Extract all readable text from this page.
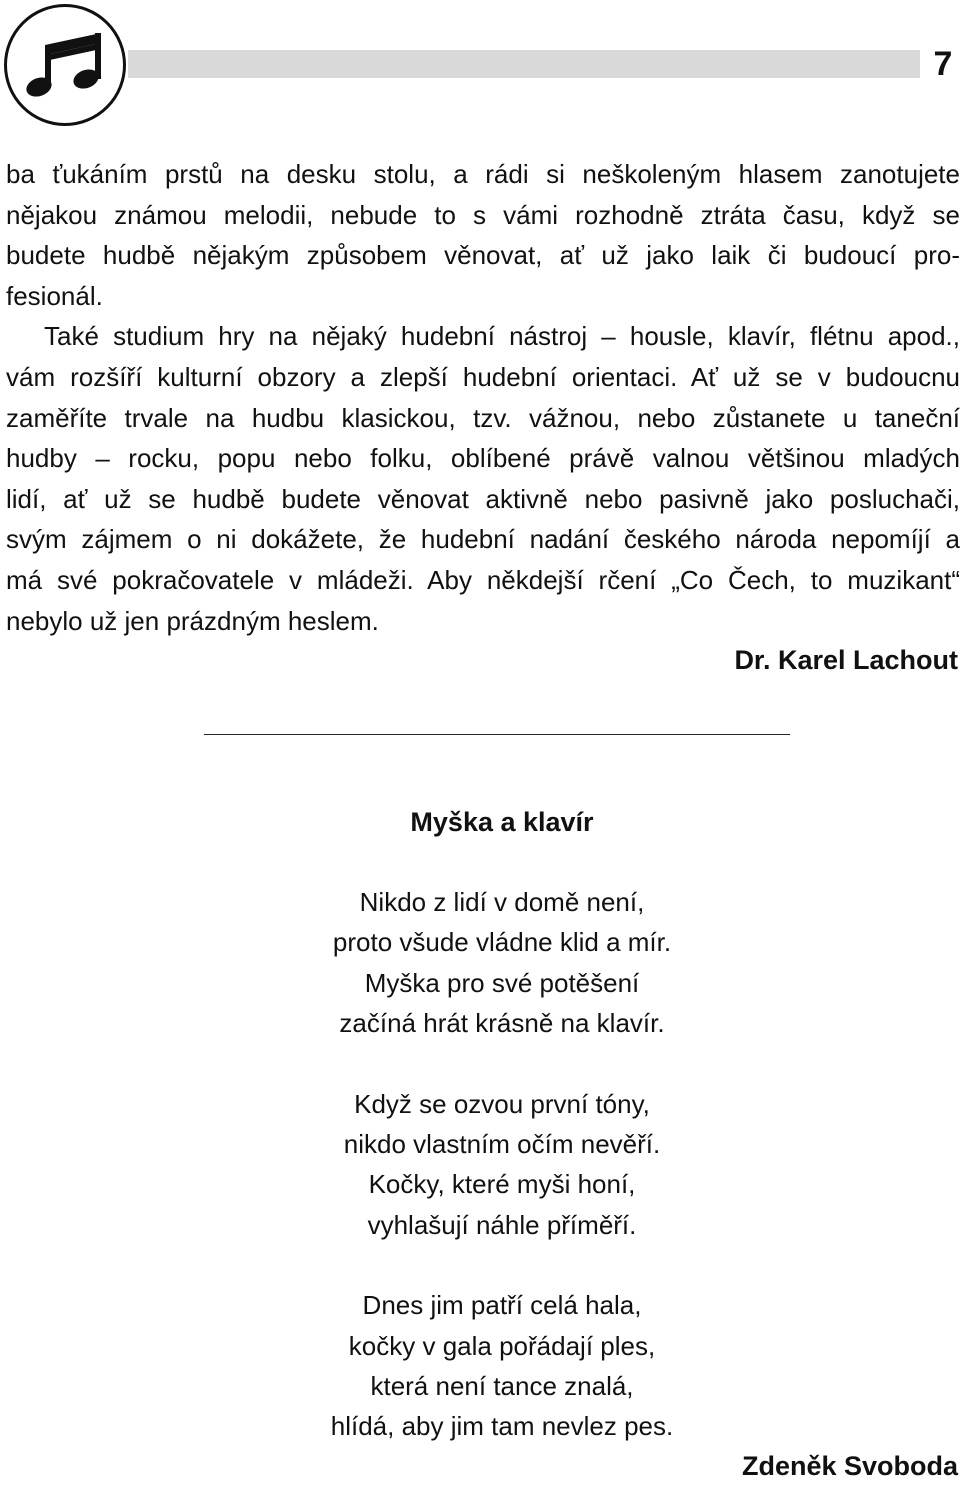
7
ba ťukáním prstů na desku stolu, a rádi si neškoleným hlasem zanotujete
nějakou známou melodii, nebude to s vámi rozhodně ztráta času, když se
budete hudbě nějakým způsobem věnovat, ať už jako laik či budoucí pro-
fesionál.
Také studium hry na nějaký hudební nástroj – housle, klavír, flétnu apod.,
vám rozšíří kulturní obzory a zlepší hudební orientaci. Ať už se v budoucnu
zaměříte trvale na hudbu klasickou, tzv. vážnou, nebo zůstanete u taneční
hudby – rocku, popu nebo folku, oblíbené právě valnou většinou mladých
lidí, ať už se hudbě budete věnovat aktivně nebo pasivně jako posluchači,
svým zájmem o ni dokážete, že hudební nadání českého národa nepomíjí a
má své pokračovatele v mládeži. Aby někdejší rčení „Co Čech, to muzikant“
nebylo už jen prázdným heslem.
Dr. Karel Lachout
Myška a klavír
Nikdo z lidí v domě není,
proto všude vládne klid a mír.
Myška pro své potěšení
začíná hrát krásně na klavír.
Když se ozvou první tóny,
nikdo vlastním očím nevěří.
Kočky, které myši honí,
vyhlašují náhle příměří.
Dnes jim patří celá hala,
kočky v gala pořádají ples,
která není tance znalá,
hlídá, aby jim tam nevlez pes.
Zdeněk Svoboda
